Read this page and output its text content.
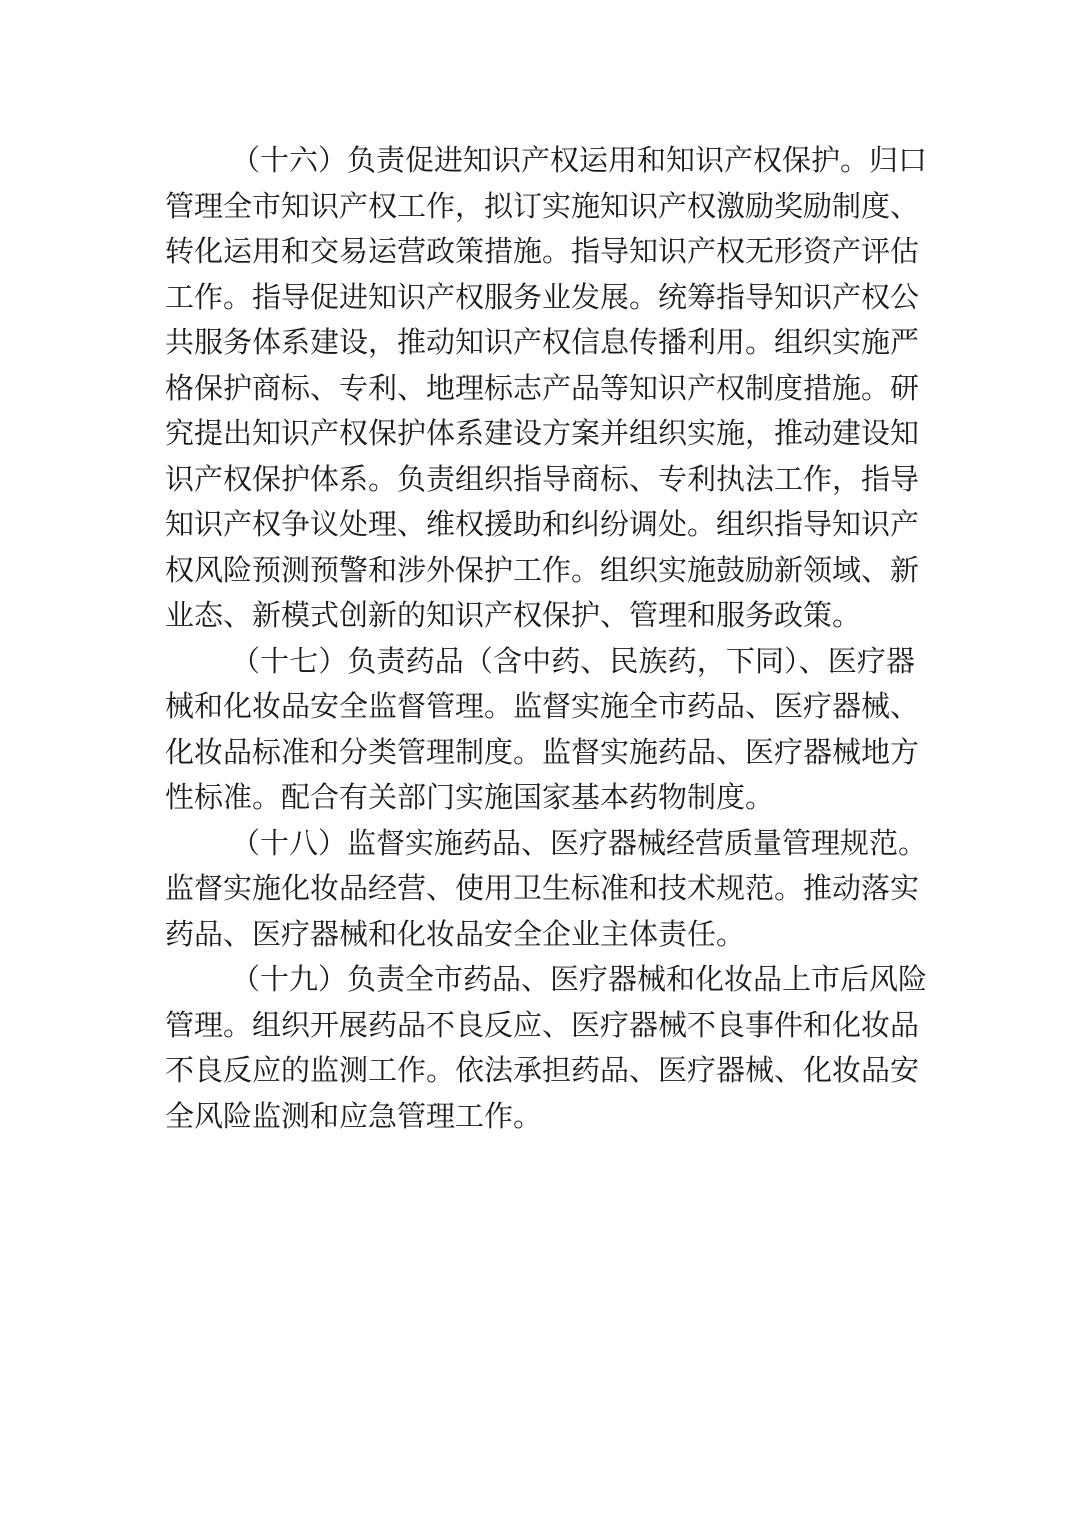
（十六）负责促进知识产权运用和知识产权保护。归口
管理全市知识产权工作，拟订实施知识产权激励奖励制度、
转化运用和交易运营政策措施。指导知识产权无形资产评估
工作。指导促进知识产权服务业发展。统筹指导知识产权公
共服务体系建设，推动知识产权信息传播利用。组织实施严
格保护商标、专利、地理标志产品等知识产权制度措施。研
究提出知识产权保护体系建设方案并组织实施，推动建设知
识产权保护体系。负责组织指导商标、专利执法工作，指导
知识产权争议处理、维权援助和纠纷调处。组织指导知识产
权风险预测预警和涉外保护工作。组织实施鼓励新领域、新
业态、新模式创新的知识产权保护、管理和服务政策。
（十七）负责药品（含中药、民族药，下同）、医疗器
械和化妆品安全监督管理。监督实施全市药品、医疗器械、
化妆品标准和分类管理制度。监督实施药品、医疗器械地方
性标准。配合有关部门实施国家基本药物制度。
（十八）监督实施药品、医疗器械经营质量管理规范。
监督实施化妆品经营、使用卫生标准和技术规范。推动落实
药品、医疗器械和化妆品安全企业主体责任。
（十九）负责全市药品、医疗器械和化妆品上市后风险
管理。组织开展药品不良反应、医疗器械不良事件和化妆品
不良反应的监测工作。依法承担药品、医疗器械、化妆品安
全风险监测和应急管理工作。
